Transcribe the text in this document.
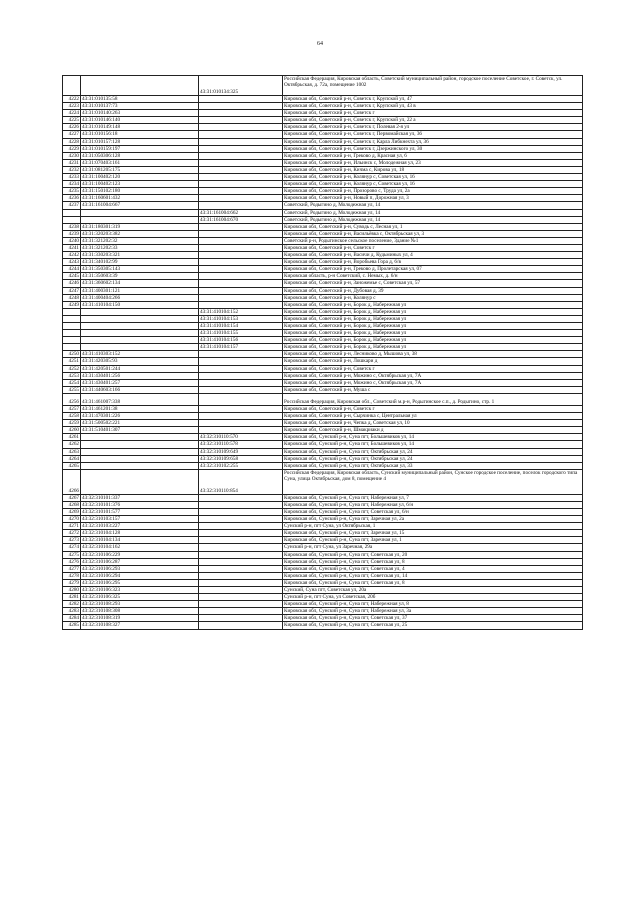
64
		43:31:010134:325	Российская Федерация, Кировская область, Советский муниципальный район, городское поселение Советское, г. Советск, ул. Октябрьская, д. 72а, помещение 1002
4222	43:31:010135:58		Кировская обл, Советский р-н, Советск г, Крупской ул, 47
4223	43:31:010137:73		Кировская обл, Советский р-н, Советск г, Крупской ул, 43 в
4224	43:31:010140:263		Кировская обл, Советский р-н, Советск г
4225	43:31:010146:140		Кировская обл, Советский р-н, Советск г, Крупской ул, 22 а
4226	43:31:010149:148		Кировская обл, Советский р-н, Советск г, Полевая 2-я ул
4227	43:31:010156:18		Кировская обл, Советский р-н, Советск г, Первомайская ул, 36
4228	43:31:010157:128		Кировская обл, Советский р-н, Советск г, Карла Либкнехта ул, 36
4229	43:31:010159:197		Кировская обл, Советский р-н, Советск г, Дзержинского ул, 30
4230	43:31:050306:128		Кировская обл, Советский р-н, Греково д, Красная ул, 6
4231	43:31:070403:161		Кировская обл, Советский р-н, Ильинск с, Молодежная ул, 23
4232	43:31:081205:175		Кировская обл, Советский р-н, Кичма с, Кирова ул, 18
4233	43:31:100402:120		Кировская обл, Советский р-н, Колянур с, Советская ул, 16
4234	43:31:100402:123		Кировская обл, Советский р-н, Колянур с, Советская ул, 16
4235	43:31:150102:180		Кировская обл, Советский р-н, Прозорово с, Труда ул, 2а
4236	43:31:160601:432		Кировская обл, Советский р-н, Новый п, Дорожная ул, 3
4237	43:31:161004:667		Советский, Родыгино д, Молодежная ул, 14
		43:31:161004:662	Советский, Родыгино д, Молодежная ул, 14
		43:31:161004:670	Советский, Родыгино д, Молодежная ул, 14
4238	43:31:180301:319		Кировская обл, Советский р-н, Суводь с, Лесная ул, 1
4239	43:31:320203:382		Кировская обл, Советский р-н, Васильёвка с, Октябрьская ул, 3
4240	43:31:321202:32		Советский р-н, Родыгинское сельское поселение, Здание №1
4241	43:31:321202:33		Кировская обл, Советский р-н, Советск г
4242	43:31:330203:321		Кировская обл, Советский р-н, Васичи д, Кудьминых ул, 4
4243	43:31:340102:99		Кировская обл, Советский р-н, Воробьева Гора д, 6/в
4244	43:31:350305:143		Кировская обл, Советский р-н, Греково д, Пролетарская ул, 07
4245	43:31:350603:39		Кировская область, р-н Советский, с. Немых, д. 6/н
4246	43:31:360602:134		Кировская обл, Советский р-н, Заножемье с, Советская ул, 57
4247	43:31:400301:121		Кировская обл, Советский р-н, Дубовая д, 39
4248	43:31:400404:266		Кировская обл, Советский р-н, Колянур с
4249	43:31:410104:150		Кировская обл, Советский р-н, Борок д, Набережная ул
		43:31:410104:152	Кировская обл, Советский р-н, Борок д, Набережная ул
		43:31:410104:153	Кировская обл, Советский р-н, Борок д, Набережная ул
		43:31:410104:154	Кировская обл, Советский р-н, Борок д, Набережная ул
		43:31:410104:155	Кировская обл, Советский р-н, Борок д, Набережная ул
		43:31:410104:156	Кировская обл, Советский р-н, Борок д, Набережная ул
		43:31:410104:157	Кировская обл, Советский р-н, Борок д, Набережная ул
4250	43:31:410303:152		Кировская обл, Советский р-н, Лесниково д, Мышова ул, 38
4251	43:31:420305:93		Кировская обл, Советский р-н, Лошкари д
4252	43:31:420501:244		Кировская обл, Советский р-н, Советск г
4253	43:31:430401:256		Кировская обл, Советский р-н, Можино с, Октябрьская ул, 7А
4254	43:31:430401:257		Кировская обл, Советский р-н, Можино с, Октябрьская ул, 7А
4255	43:31:440603:166		Кировская обл, Советский р-н, Муша с
4256	43:31:461007:338		Российская Федерация, Кировская обл., Советский м.р-н, Родыгинское с.п., д. Родыгино, стр. 1
4257	43:31:461201:38		Кировская обл, Советский р-н, Советск г
4258	43:31:470301:226		Кировская обл, Советский р-н, Сырчинка с, Центральная ул
4259	43:31:500502:221		Кировская обл, Советский р-н, Чепка д, Советская ул, 10
4260	43:31:510401:307		Кировская обл, Советский р-н, Шмакриаки д
4261		43:32:310110:570	Кировская обл, Сунский р-н, Суна пгт, Большевиков ул, 14
4262		43:32:310110:578	Кировская обл, Сунский р-н, Суна пгт, Большевиков ул, 14
4263		43:32:310109:649	Кировская обл, Сунский р-н, Суна пгт, Октябрьская ул, 24
4264		43:32:310109:658	Кировская обл, Сунский р-н, Суна пгт, Октябрьская ул, 24
4265		43:32:310102:255	Кировская обл, Сунский р-н, Суна пгт, Октябрьская ул, 33
4266		43:32:310110:854	Российская Федерация, Кировская область, Сунский муниципальный район, Сунское городское поселение, поселок городского типа Суна, улица Октябрьская, дом 8, помещение 4
4267	43:32:310101:337		Кировская обл, Сунский р-н, Суна пгт, Набережная ул, 7
4268	43:32:310101:376		Кировская обл, Сунский р-н, Суна пгт, Набережная ул, 6/н
4269	43:32:310101:577		Кировская обл, Сунский р-н, Суна пгт, Советская ул, 6/н
4270	43:32:310103:157		Кировская обл, Сунский р-н, Суна пгт, Заречная ул, 2а
4271	43:32:310103:227		Сунский р-н, пгт Суна, ул Октябрьская, 1
4272	43:32:310104:128		Кировская обл, Сунский р-н, Суна пгт, Заречная ул, 15
4273	43:32:310104:134		Кировская обл, Сунский р-н, Суна пгт, Заречная ул, 1
4274	43:32:310104:162		Сунский р-н, пгт Суна, ул Заречная, 29а
4275	43:32:310106:229		Кировская обл, Сунский р-н, Суна пгт, Советская ул, 20
4276	43:32:310106:287		Кировская обл, Сунский р-н, Суна пгт, Советская ул, 8
4277	43:32:310106:293		Кировская обл, Сунский р-н, Суна пгт, Советская ул, 4
4278	43:32:310106:294		Кировская обл, Сунский р-н, Суна пгт, Советская ул, 14
4279	43:32:310106:295		Кировская обл, Сунский р-н, Суна пгт, Советская ул, 8
4280	43:32:310106:323		Сунский, Суна пгт, Советская ул, 20а
4281	43:32:310106:325		Сунский р-н, пгт Суна, ул Советская, 20б
4282	43:32:310108:293		Кировская обл, Сунский р-н, Суна пгт, Набережная ул, 8
4283	43:32:310108:308		Кировская обл, Сунский р-н, Суна пгт, Набережная ул, 3а
4284	43:32:310108:319		Кировская обл, Сунский р-н, Суна пгт, Советская ул, 37
4285	43:32:310108:327		Кировская обл, Сунский р-н, Суна пгт, Советская ул, 25
